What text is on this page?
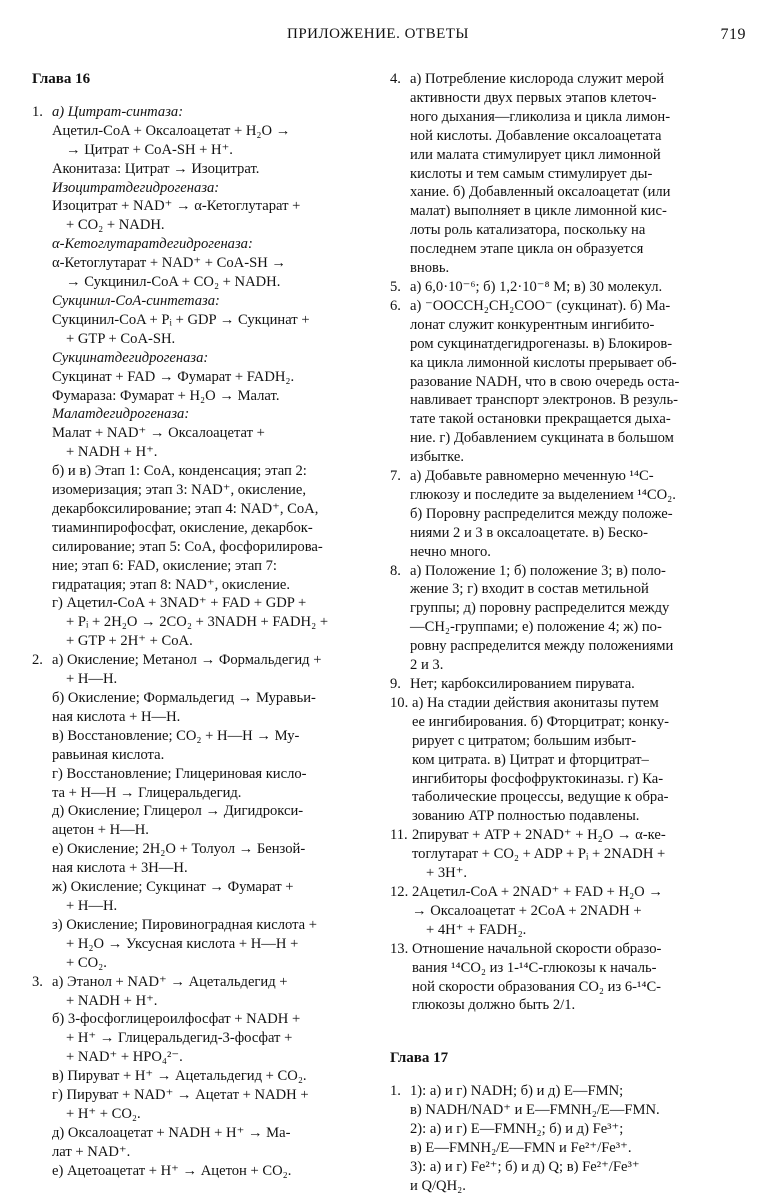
ПРИЛОЖЕНИЕ. ОТВЕТЫ	719
Глава 16
1. а) Цитрат-синтаза:
Ацетил-CoA + Оксалоацетат + H₂O →
→ Цитрат + CoA-SH + H⁺.
Аконитаза: Цитрат → Изоцитрат.
Изоцитратдегидрогеназа:
Изоцитрат + NAD⁺ → α-Кетоглутарат +
+ CO₂ + NADH.
α-Кетоглутаратдегидрогеназа:
α-Кетоглутарат + NAD⁺ + CoA-SH →
→ Сукцинил-CoA + CO₂ + NADH.
Сукцинил-CoA-синтетаза:
Сукцинил-CoA + Pᵢ + GDP → Сукцинат +
+ GTP + CoA-SH.
Сукцинатдегидрогеназа:
Сукцинат + FAD → Фумарат + FADH₂.
Фумараза: Фумарат + H₂O → Малат.
Малатдегидрогеназа:
Малат + NAD⁺ → Оксалоацетат +
+ NADH + H⁺.
б) и в) Этап 1: CoA, конденсация; этап 2:
изомеризация; этап 3: NAD⁺, окисление,
декарбоксилирование; этап 4: NAD⁺, CoA,
тиаминпирофосфат, окисление, декарбок-
силирование; этап 5: CoA, фосфорилирова-
ние; этап 6: FAD, окисление; этап 7:
гидратация; этап 8: NAD⁺, окисление.
г) Ацетил-CoA + 3NAD⁺ + FAD + GDP +
+ Pᵢ + 2H₂O → 2CO₂ + 3NADH + FADH₂ +
+ GTP + 2H⁺ + CoA.
2. а) Окисление; Метанол → Формальдегид +
+ H—H.
б) Окисление; Формальдегид → Муравьи-
ная кислота + H—H.
в) Восстановление; CO₂ + H—H → Му-
равьиная кислота.
г) Восстановление; Глицериновая кисло-
та + H—H → Глицеральдегид.
д) Окисление; Глицерол → Дигидрокси-
ацетон + H—H.
е) Окисление; 2H₂O + Толуол → Бензой-
ная кислота + 3H—H.
ж) Окисление; Сукцинат → Фумарат +
+ H—H.
з) Окисление; Пировиноградная кислота +
+ H₂O → Уксусная кислота + H—H +
+ CO₂.
3. а) Этанол + NAD⁺ → Ацетальдегид +
+ NADH + H⁺.
б) 3-фосфоглицероилфосфат + NADH +
+ H⁺ → Глицеральдегид-3-фосфат +
+ NAD⁺ + HPO₄²⁻.
в) Пируват + H⁺ → Ацетальдегид + CO₂.
г) Пируват + NAD⁺ → Ацетат + NADH +
+ H⁺ + CO₂.
д) Оксалоацетат + NADH + H⁺ → Ма-
лат + NAD⁺.
е) Ацетоацетат + H⁺ → Ацетон + CO₂.
4. а) Потребление кислорода служит мерой
активности двух первых этапов клеточ-
ного дыхания—гликолиза и цикла лимон-
ной кислоты. Добавление оксалоацетата
или малата стимулирует цикл лимонной
кислоты и тем самым стимулирует ды-
хание. б) Добавленный оксалоацетат (или
малат) выполняет в цикле лимонной кис-
лоты роль катализатора, поскольку на
последнем этапе цикла он образуется
вновь.
5. а) 6,0·10⁻⁶; б) 1,2·10⁻⁸ М; в) 30 молекул.
6. а) ⁻OOCCH₂CH₂COO⁻ (сукцинат). б) Ма-
лонат служит конкурентным ингибито-
ром сукцинатдегидрогеназы. в) Блокиров-
ка цикла лимонной кислоты прерывает об-
разование NADH, что в свою очередь оста-
навливает транспорт электронов. В резуль-
тате такой остановки прекращается дыха-
ние. г) Добавлением сукцината в большом
избытке.
7. а) Добавьте равномерно меченную ¹⁴C-
глюкозу и последите за выделением ¹⁴CO₂.
б) Поровну распределится между положе-
ниями 2 и 3 в оксалоацетате. в) Беско-
нечно много.
8. а) Положение 1; б) положение 3; в) поло-
жение 3; г) входит в состав метильной
группы; д) поровну распределится между
—CH₂-группами; е) положение 4; ж) по-
ровну распределится между положениями
2 и 3.
9. Нет; карбоксилированием пирувата.
10. а) На стадии действия аконитазы путем
ее ингибирования. б) Фторцитрат; конку-
рирует с цитратом; большим избыт-
ком цитрата. в) Цитрат и фторцитрат–
ингибиторы фосфофруктокиназы. г) Ка-
таболические процессы, ведущие к обра-
зованию ATP полностью подавлены.
11. 2пируват + ATP + 2NAD⁺ + H₂O → α-ке-
тоглутарат + CO₂ + ADP + Pᵢ + 2NADH +
+ 3H⁺.
12. 2Ацетил-CoA + 2NAD⁺ + FAD + H₂O →
→ Оксалоацетат + 2CoA + 2NADH +
+ 4H⁺ + FADH₂.
13. Отношение начальной скорости образо-
вания ¹⁴CO₂ из 1-¹⁴C-глюкозы к началь-
ной скорости образования CO₂ из 6-¹⁴C-
глюкозы должно быть 2/1.
Глава 17
1. 1): а) и г) NADH; б) и д) E—FMN;
в) NADH/NAD⁺ и E—FMNH₂/E—FMN.
2): а) и г) E—FMNH₂; б) и д) Fe³⁺;
в) E—FMNH₂/E—FMN и Fe²⁺/Fe³⁺.
3): а) и г) Fe²⁺; б) и д) Q; в) Fe²⁺/Fe³⁺
и Q/QH₂.
